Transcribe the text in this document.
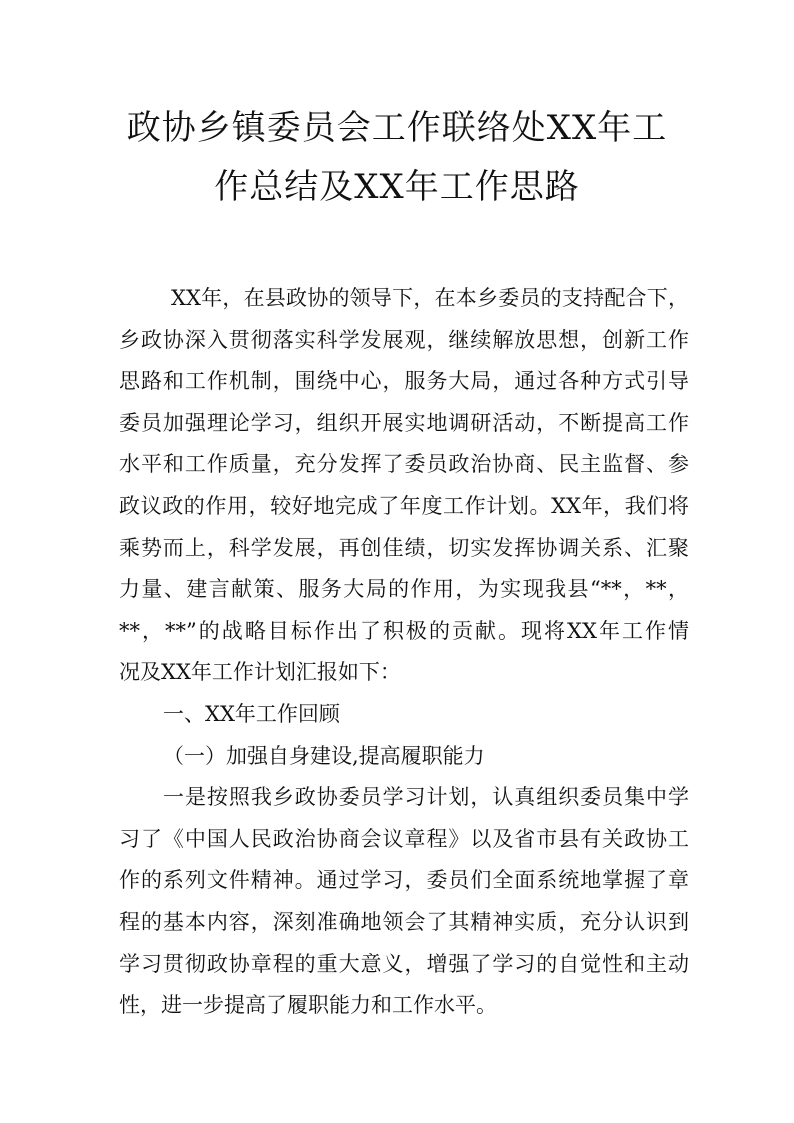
政协乡镇委员会工作联络处XX年工
作总结及XX年工作思路
XX年，在县政协的领导下，在本乡委员的支持配合下，
乡政协深入贯彻落实科学发展观，继续解放思想，创新工作
思路和工作机制，围绕中心，服务大局，通过各种方式引导
委员加强理论学习，组织开展实地调研活动，不断提高工作
水平和工作质量，充分发挥了委员政治协商、民主监督、参
政议政的作用，较好地完成了年度工作计划。XX年，我们将
乘势而上，科学发展，再创佳绩，切实发挥协调关系、汇聚
力量、建言献策、服务大局的作用，为实现我县“**，**，
**，**”的战略目标作出了积极的贡献。现将XX年工作情
况及XX年工作计划汇报如下：
一、XX年工作回顾
（一）加强自身建设,提高履职能力
一是按照我乡政协委员学习计划，认真组织委员集中学
习了《中国人民政治协商会议章程》以及省市县有关政协工
作的系列文件精神。通过学习，委员们全面系统地掌握了章
程的基本内容，深刻准确地领会了其精神实质，充分认识到
学习贯彻政协章程的重大意义，增强了学习的自觉性和主动
性，进一步提高了履职能力和工作水平。
